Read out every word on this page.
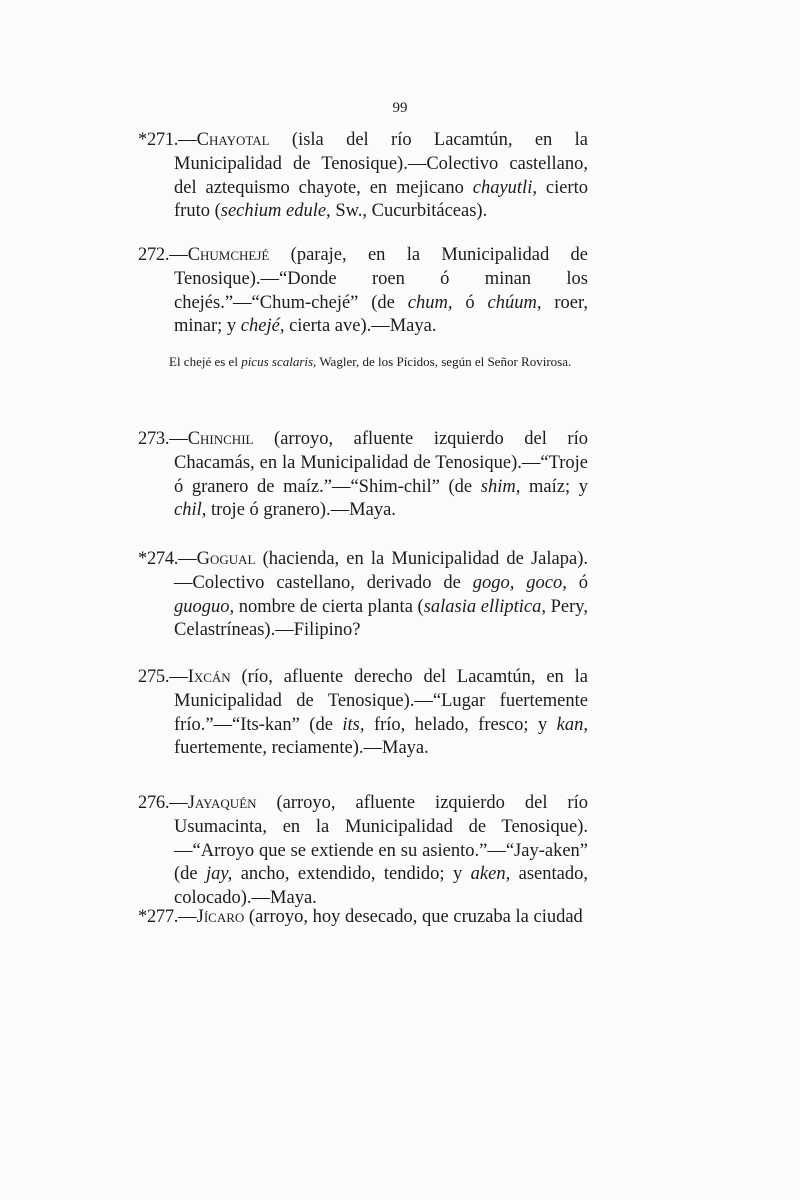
99
*271.—Chayotal (isla del río Lacamtún, en la Municipalidad de Tenosique).—Colectivo castellano, del aztequismo chayote, en mejicano chayutli, cierto fruto (sechium edule, Sw., Cucurbitáceas).
272.—Chumchejé (paraje, en la Municipalidad de Tenosique).—“Donde roen ó minan los chejés.”—“Chum-chejé” (de chum, ó chúum, roer, minar; y chejé, cierta ave).—Maya.
El chejé es el picus scalaris, Wagler, de los Pícidos, según el Señor Rovirosa.
273.—Chinchil (arroyo, afluente izquierdo del río Chacamás, en la Municipalidad de Tenosique).—“Troje ó granero de maíz.”—“Shim-chil” (de shim, maíz; y chil, troje ó granero).—Maya.
*274.—Gogual (hacienda, en la Municipalidad de Jalapa).—Colectivo castellano, derivado de gogo, goco, ó guoguo, nombre de cierta planta (salasia elliptica, Pery, Celastríneas).—Filipino?
275.—Ixcán (río, afluente derecho del Lacamtún, en la Municipalidad de Tenosique).—“Lugar fuertemente frío.”—“Its-kan” (de its, frío, helado, fresco; y kan, fuertemente, reciamente).—Maya.
276.—Jayaquén (arroyo, afluente izquierdo del río Usumacinta, en la Municipalidad de Tenosique).—“Arroyo que se extiende en su asiento.”—“Jay-aken” (de jay, ancho, extendido, tendido; y aken, asentado, colocado).—Maya.
*277.—Jícaro (arroyo, hoy desecado, que cruzaba la ciudad
